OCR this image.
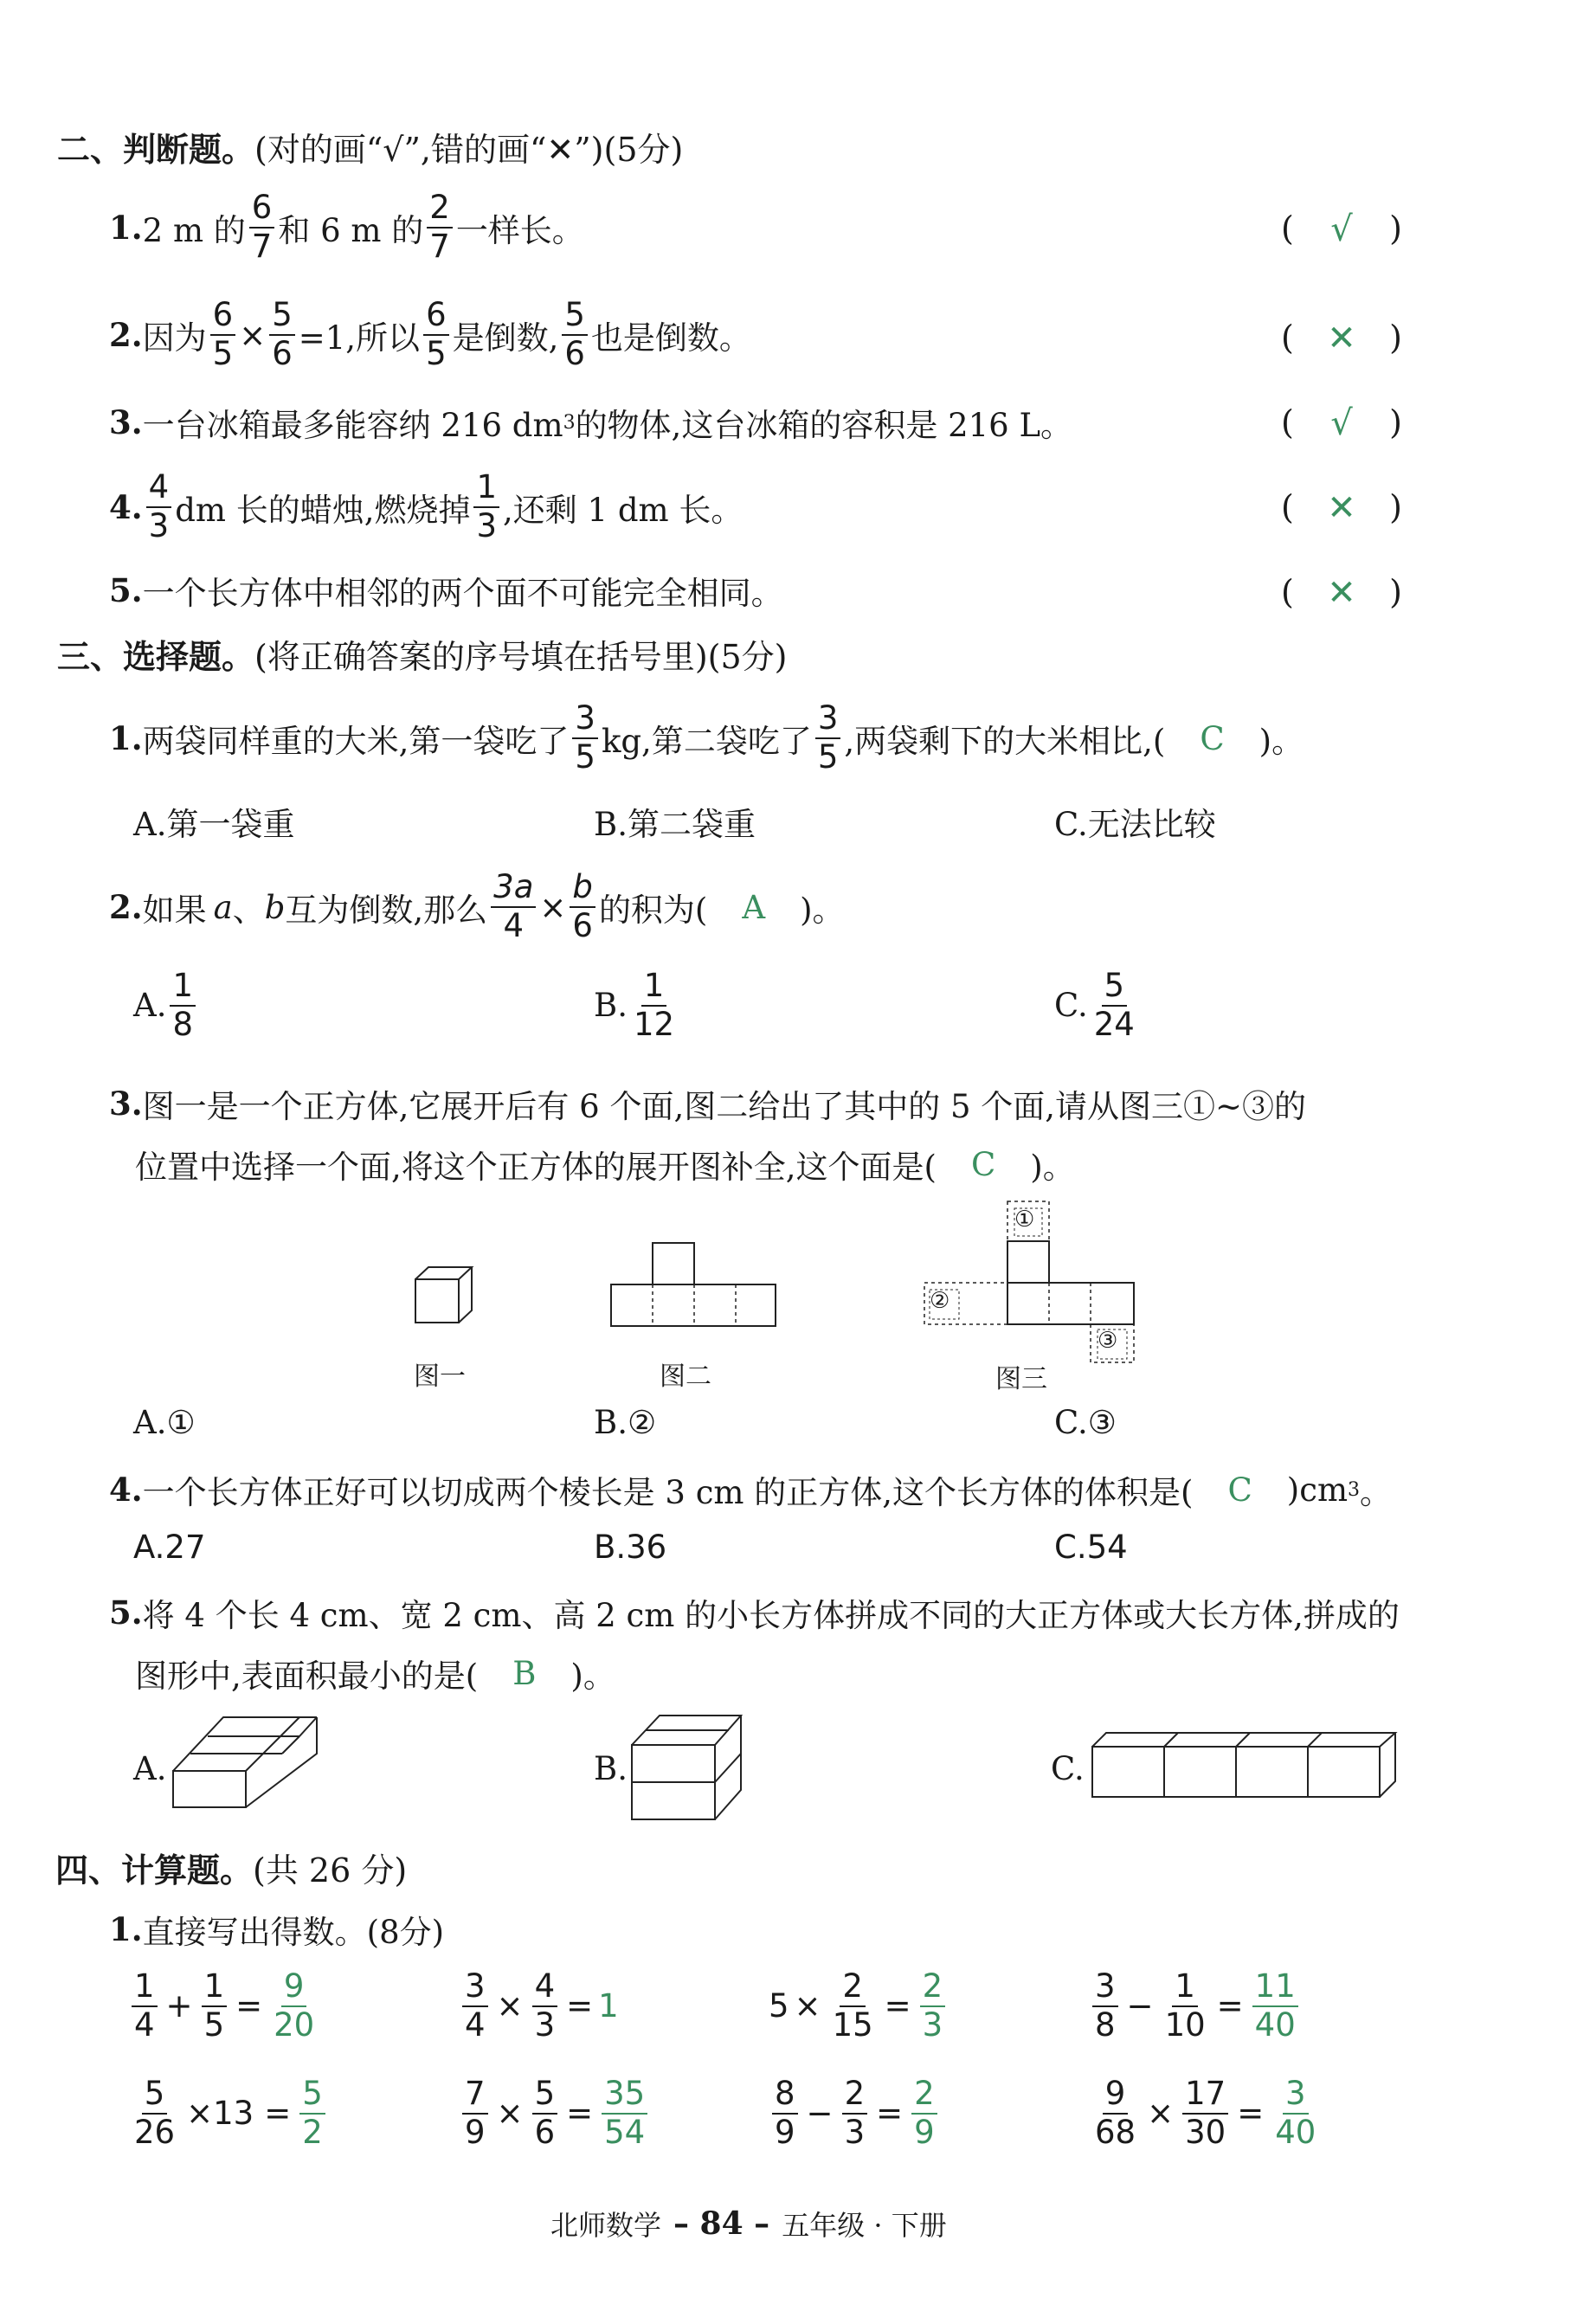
二、判断题。(对的画“√”,错的画“✕”)(5分)
1. 2 m 的 $\frac{6}{7}$ 和 6 m 的 $\frac{2}{7}$ 一样长。	( √ )
2. 因为 $\frac{6}{5} \times \frac{5}{6} =1$,所以 $\frac{6}{5}$ 是倒数, $\frac{5}{6}$ 也是倒数。	( ✕ )
3. 一台冰箱最多能容纳 216 dm 3 的物体,这台冰箱的容积是 216 L。	( √ )
4. $\frac{4}{3}$ dm 长的蜡烛,燃烧掉 $\frac{1}{3}$ ,还剩 1 dm 长。	( ✕ )
5. 一个长方体中相邻的两个面不可能完全相同。	( ✕ )
三、选择题。(将正确答案的序号填在括号里)(5分)
1. 两袋同样重的大米,第一袋吃了 $\frac{3}{5}$ kg,第二袋吃了 $\frac{3}{5}$ ,两袋剩下的大米相比,( C )。
A.第一袋重	B.第二袋重	C.无法比较
2. 如果 a 、 b 互为倒数,那么 $\frac{3a}{4} \times \frac{b}{6}$ 的积为( A )。
A. $\frac{1}{8}$	B. $\frac{1}{12}$	C. $\frac{5}{24}$
3. 图一是一个正方体,它展开后有 6 个面,图二给出了其中的 5 个面,请从图三①~③的
位置中选择一个面,将这个正方体的展开图补全,这个面是( C )。
图一	图二
①
②
③
图三
A.①	B.②	C.③
4. 一个长方体正好可以切成两个棱长是 3 cm 的正方体,这个长方体的体积是( C )cm 3 。
A.27	B.36	C.54
5. 将 4 个长 4 cm、宽 2 cm、高 2 cm 的小长方体拼成不同的大正方体或大长方体,拼成的
图形中,表面积最小的是( B )。
A.	B.	C.
四、计算题。(共 26 分)
1. 直接写出得数。(8分)
$\frac{1}{4} + \frac{1}{5} = \frac{9}{20}$	$\frac{3}{4} \times \frac{4}{3} = 1$	$5 \times \frac{2}{15} = \frac{2}{3}$	$\frac{3}{8} - \frac{1}{10} = \frac{11}{40}$
$\frac{5}{26} \times 13 = \frac{5}{2}$	$\frac{7}{9} \times \frac{5}{6} = \frac{35}{54}$	$\frac{8}{9} - \frac{2}{3} = \frac{2}{9}$	$\frac{9}{68} \times \frac{17}{30} = \frac{3}{40}$
北师数学 – 84 – 五年级 · 下册
